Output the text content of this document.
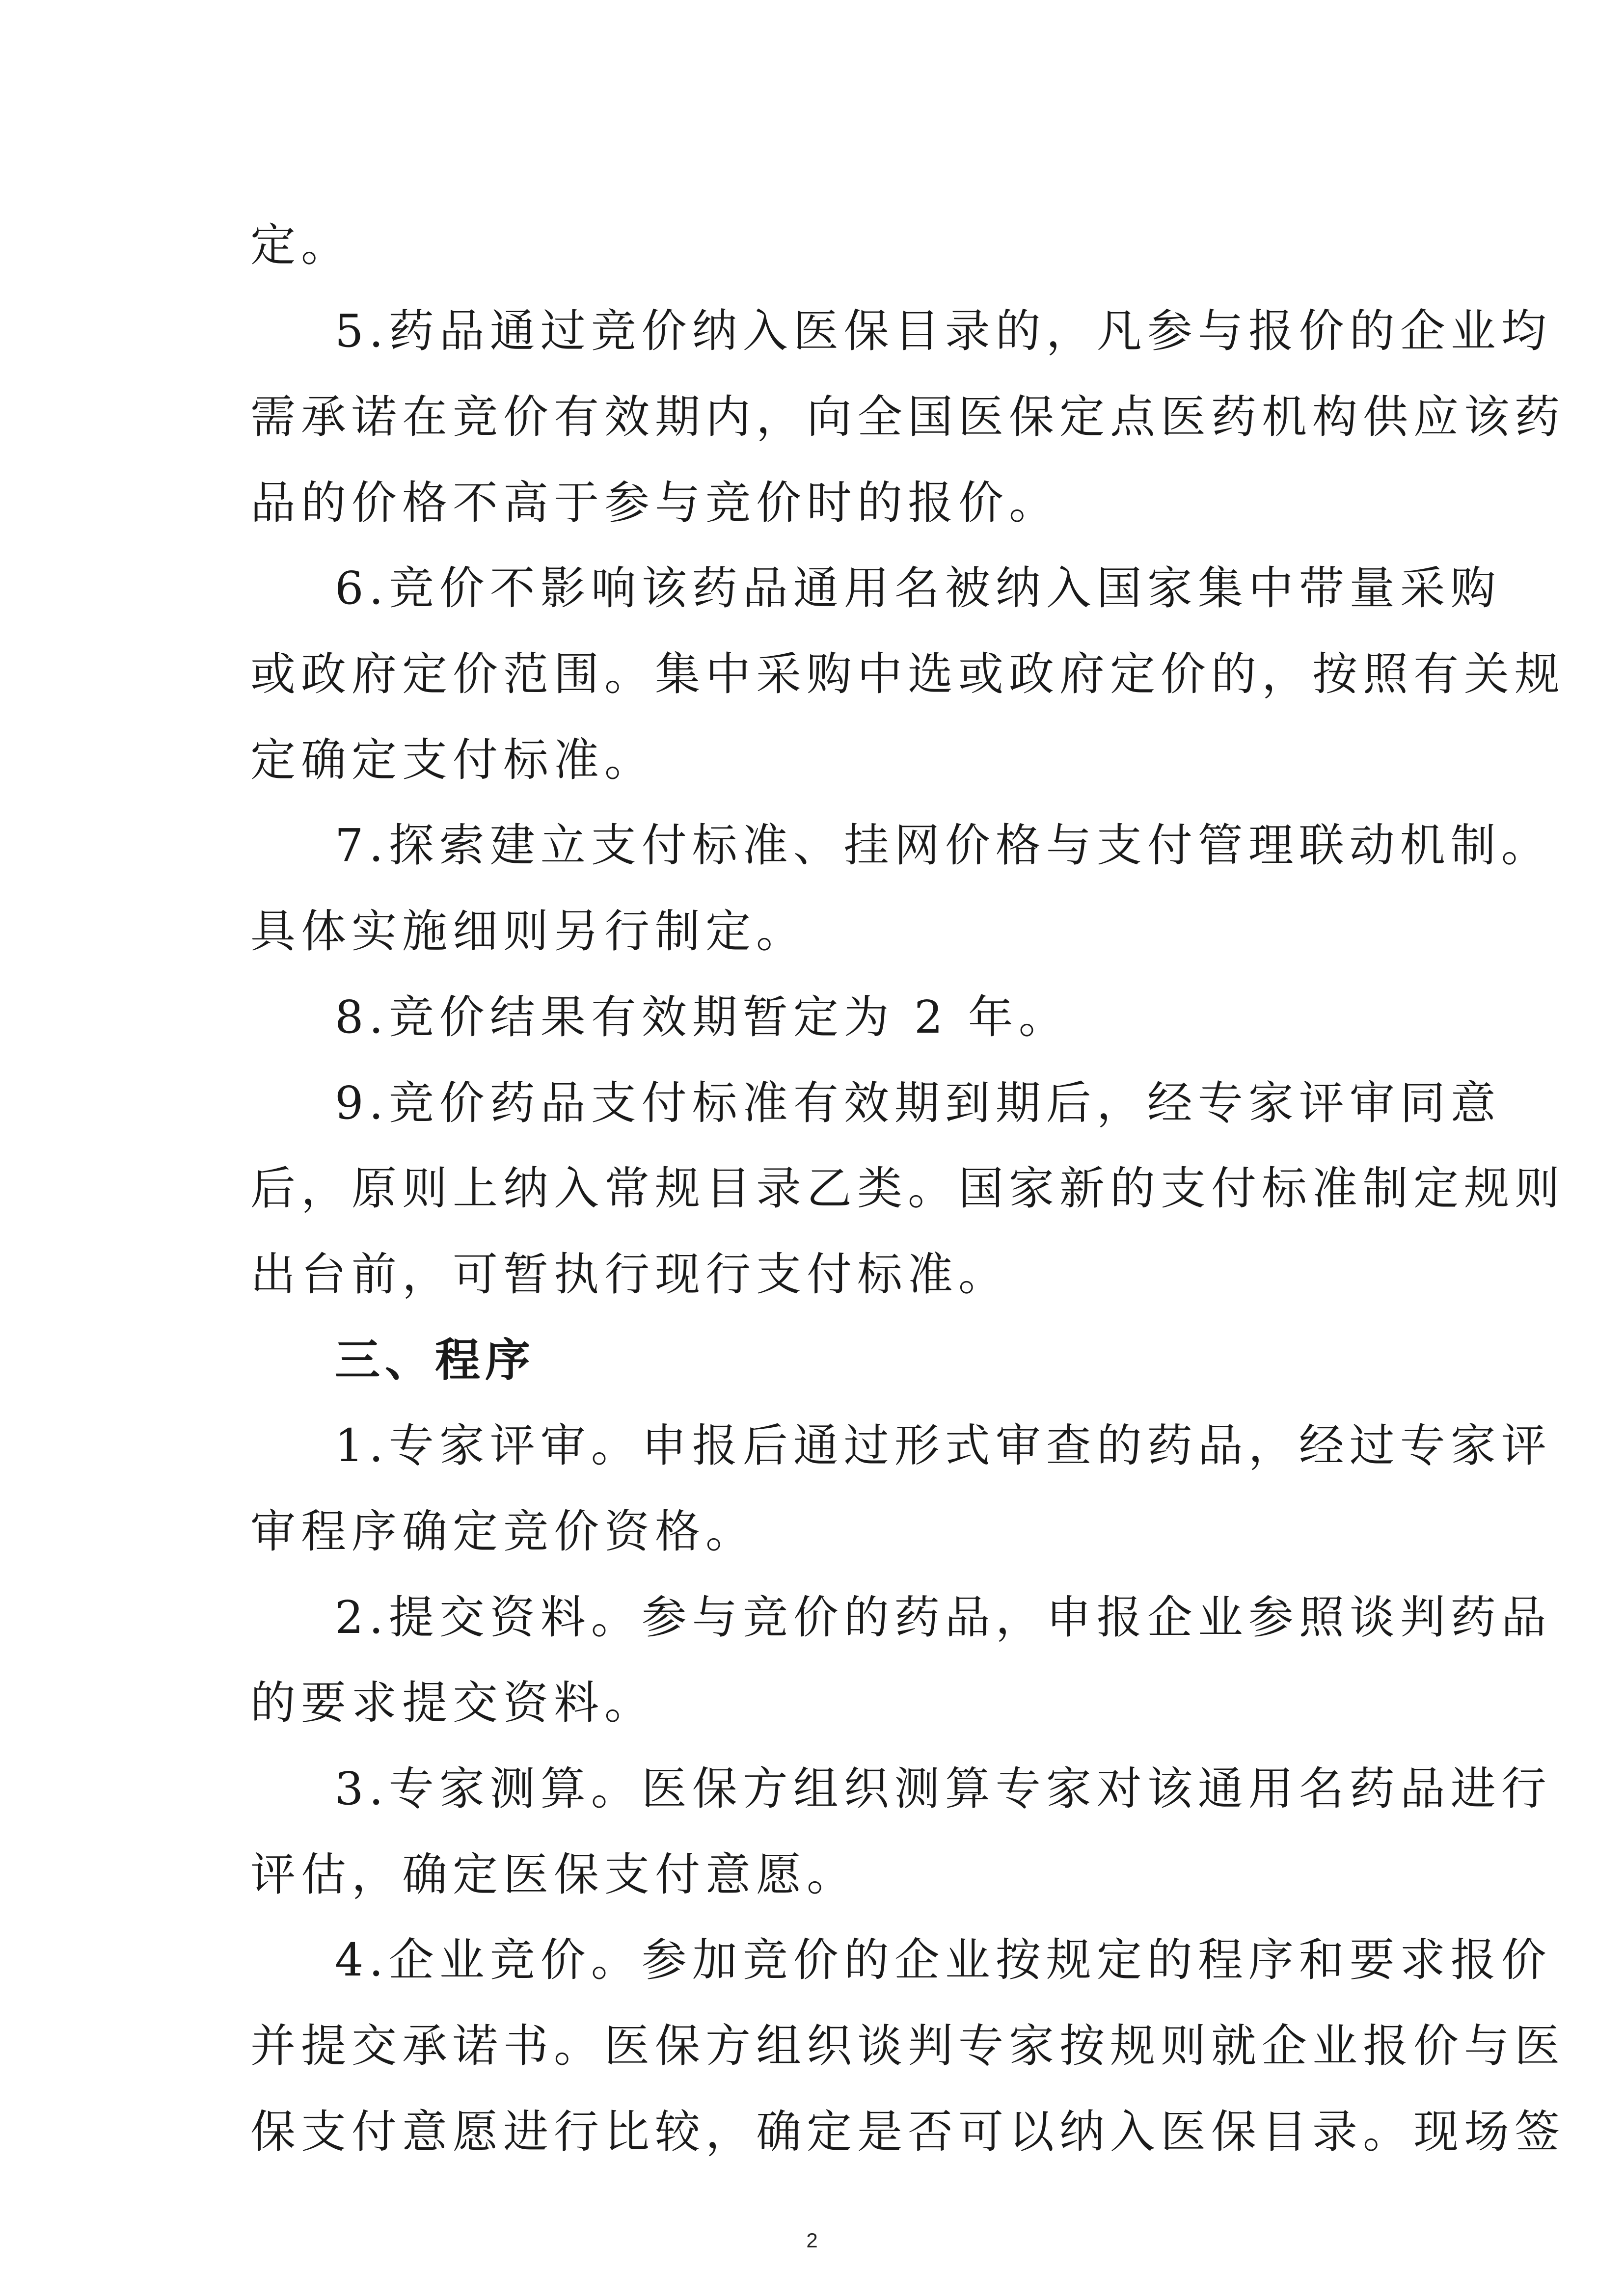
定。
5.药品通过竞价纳入医保目录的，凡参与报价的企业均
需承诺在竞价有效期内，向全国医保定点医药机构供应该药
品的价格不高于参与竞价时的报价。
6.竞价不影响该药品通用名被纳入国家集中带量采购
或政府定价范围。集中采购中选或政府定价的，按照有关规
定确定支付标准。
7.探索建立支付标准、挂网价格与支付管理联动机制。
具体实施细则另行制定。
8.竞价结果有效期暂定为 2 年。
9.竞价药品支付标准有效期到期后，经专家评审同意
后，原则上纳入常规目录乙类。国家新的支付标准制定规则
出台前，可暂执行现行支付标准。
三、程序
1.专家评审。申报后通过形式审查的药品，经过专家评
审程序确定竞价资格。
2.提交资料。参与竞价的药品，申报企业参照谈判药品
的要求提交资料。
3.专家测算。医保方组织测算专家对该通用名药品进行
评估，确定医保支付意愿。
4.企业竞价。参加竞价的企业按规定的程序和要求报价
并提交承诺书。医保方组织谈判专家按规则就企业报价与医
保支付意愿进行比较，确定是否可以纳入医保目录。现场签
2
